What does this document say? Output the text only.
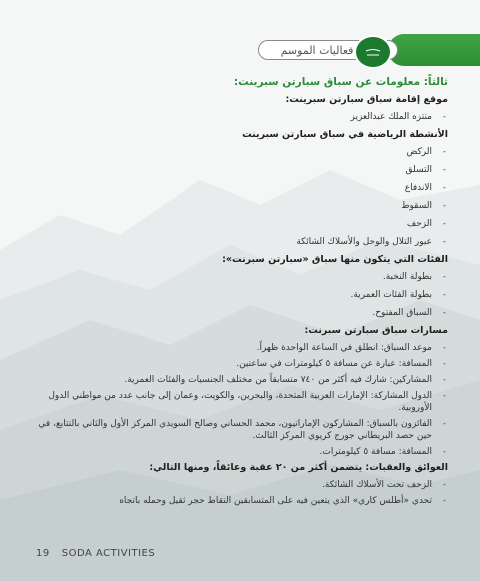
فعاليات الموسم
ثالثاً: معلومات عن سباق سبارتن سبرينت:
موقع إقامة سباق سبارتن سبرينت:
- منتزه الملك عبدالعزيز
الأنشطة الرياضية في سباق سبارتن سبرينت
- الركض
- التسلق
- الاندفاع
- السقوط
- الزحف
- عبور التلال والوحل والأسلاك الشائكة
الفئات التي يتكون منها سباق «سبارتن سبرنت»:
- بطولة النخبة.
- بطولة الفئات العمرية.
- السباق المفتوح.
مسارات سباق سبارتن سبرنت:
- موعد السباق: انطلق في الساعة الواحدة ظهراً.
- المسافة: عبارة عن مسافة ٥ كيلومترات في ساعتين.
- المشاركين: شارك فيه أكثر من ٧٤٠ متسابقاً من مختلف الجنسيات والفئات العمرية.
- الدول المشاركة: الإمارات العربية المتحدة، والبحرين، والكويت، وعمان إلى جانب عدد من مواطني الدول الأوروبية.
- الفائزون بالسباق: المشاركون الإماراتيون، محمد الحساني وصالح السويدي المركز الأول والثاني بالتتابع، في حين حصد البريطاني جورج كريوي المركز الثالث.
- المسافة: مسافة ٥ كيلومترات.
العوائق والعقبات: يتضمن أكثر من ٢٠ عقبة وعائقاً، ومنها التالي:
- الزحف تحت الأسلاك الشائكة.
- تحدي «أطلس كاري» الذي يتعين فيه على المتسابقين التقاط حجر ثقيل وحمله باتجاه
19 SODA ACTIVITIES
